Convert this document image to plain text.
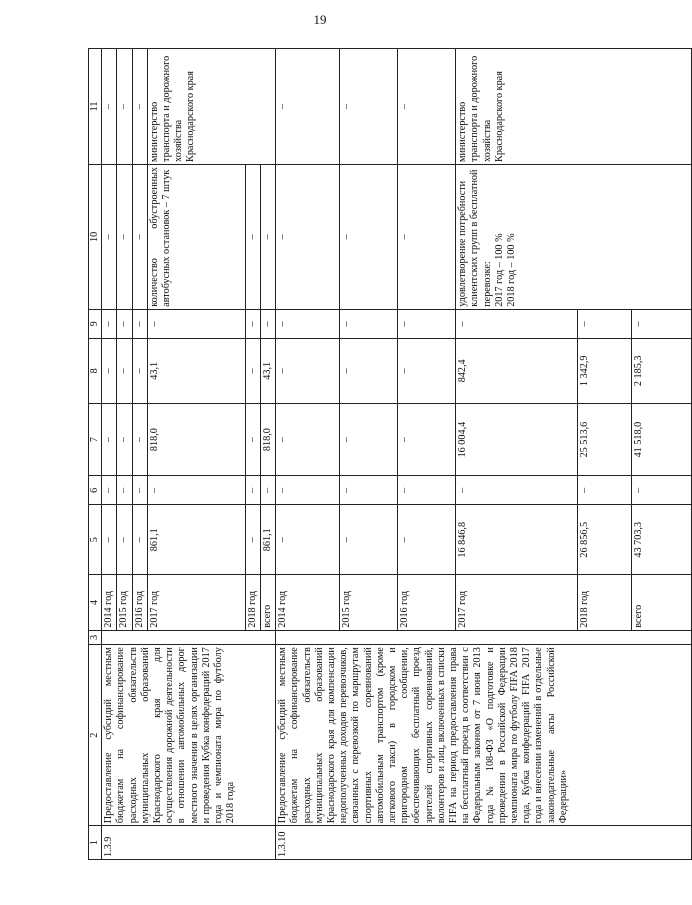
19
1	2	3	4	5	6	7	8	9	10	11
1.3.9	Предоставление субсидий местным бюджетам на софинансирование расходных обязательств муниципальных образований Краснодарского края для осуществления дорожной деятельности в отношении автомобильных дорог местного значения в целях организации и проведения Кубка конфедераций 2017 года и чемпионата мира по футболу 2018 года		2014 год	–	–	–	–	–	–	–
			2015 год	–	–	–	–	–	–	–
			2016 год	–	–	–	–	–	–	–
			2017 год	861,1	–	818,0	43,1	–	количество обустроенных автобусных остановок – 7 штук	министерство транспорта и дорожного хозяйства Краснодарского края
			2018 год	–	–	–	–	–	–	
			всего	861,1	–	818,0	43,1	–	–	
1.3.10	Предоставление субсидий местным бюджетам на софинансирование расходных обязательств муниципальных образований Краснодарского края для компенсации недополученных доходов перевозчиков, связанных с перевозкой по маршрутам спортивных соревнований автомобильным транспортом (кроме легкового такси) в городском и пригородном сообщении, обеспечивающих бесплатный проезд зрителей спортивных соревнований, волонтеров и лиц, включенных в списки FIFA на период предоставления права на бесплатный проезд в соответствии с Федеральным законом от 7 июня 2013 года № 108-ФЗ «О подготовке и проведении в Российской Федерации чемпионата мира по футболу FIFA 2018 года, Кубка конфедераций FIFA 2017 года и внесении изменений в отдельные законодательные акты Российской Федерации»		2014 год	–	–	–	–	–	–	–
			2015 год	–	–	–	–	–	–	–
			2016 год	–	–	–	–	–	–	–
			2017 год	16 846,8	–	16 004,4	842,4	–	удовлетворение потребности клиентских групп в бесплатной перевозке: 2017 год – 100 % 2018 год – 100 %	министерство транспорта и дорожного хозяйства Краснодарского края
			2018 год	26 856,5	–	25 513,6	1 342,9	–		
			всего	43 703,3	–	41 518,0	2 185,3	–		
